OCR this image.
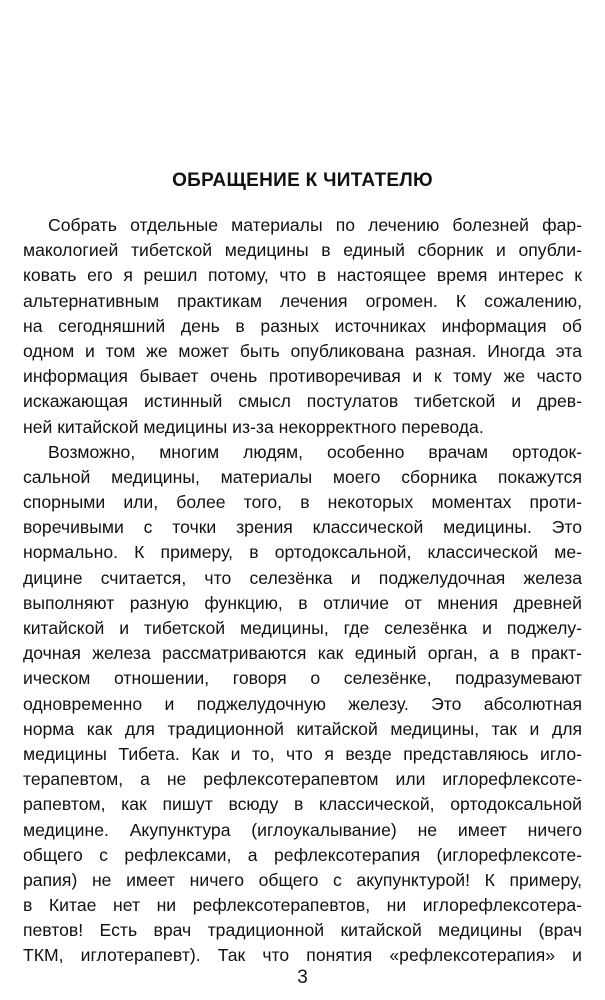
ОБРАЩЕНИЕ К ЧИТАТЕЛЮ
Собрать отдельные материалы по лечению болезней фар-
макологией тибетской медицины в единый сборник и опубли-
ковать его я решил потому, что в настоящее время интерес к
альтернативным практикам лечения огромен. К сожалению,
на сегодняшний день в разных источниках информация об
одном и том же может быть опубликована разная. Иногда эта
информация бывает очень противоречивая и к тому же часто
искажающая истинный смысл постулатов тибетской и древ-
ней китайской медицины из-за некорректного перевода.
Возможно, многим людям, особенно врачам ортодок-
сальной медицины, материалы моего сборника покажутся
спорными или, более того, в некоторых моментах проти-
воречивыми с точки зрения классической медицины. Это
нормально. К примеру, в ортодоксальной, классической ме-
дицине считается, что селезёнка и поджелудочная железа
выполняют разную функцию, в отличие от мнения древней
китайской и тибетской медицины, где селезёнка и поджелу-
дочная железа рассматриваются как единый орган, а в практ-
ическом отношении, говоря о селезёнке, подразумевают
одновременно и поджелудочную железу. Это абсолютная
норма как для традиционной китайской медицины, так и для
медицины Тибета. Как и то, что я везде представляюсь игло-
терапевтом, а не рефлексотерапевтом или иглорефлексоте-
рапевтом, как пишут всюду в классической, ортодоксальной
медицине. Акупунктура (иглоукалывание) не имеет ничего
общего с рефлексами, а рефлексотерапия (иглорефлексоте-
рапия) не имеет ничего общего с акупунктурой! К примеру,
в Китае нет ни рефлексотерапевтов, ни иглорефлексотера-
певтов! Есть врач традиционной китайской медицины (врач
ТКМ, иглотерапевт). Так что понятия «рефлексотерапия» и
3
